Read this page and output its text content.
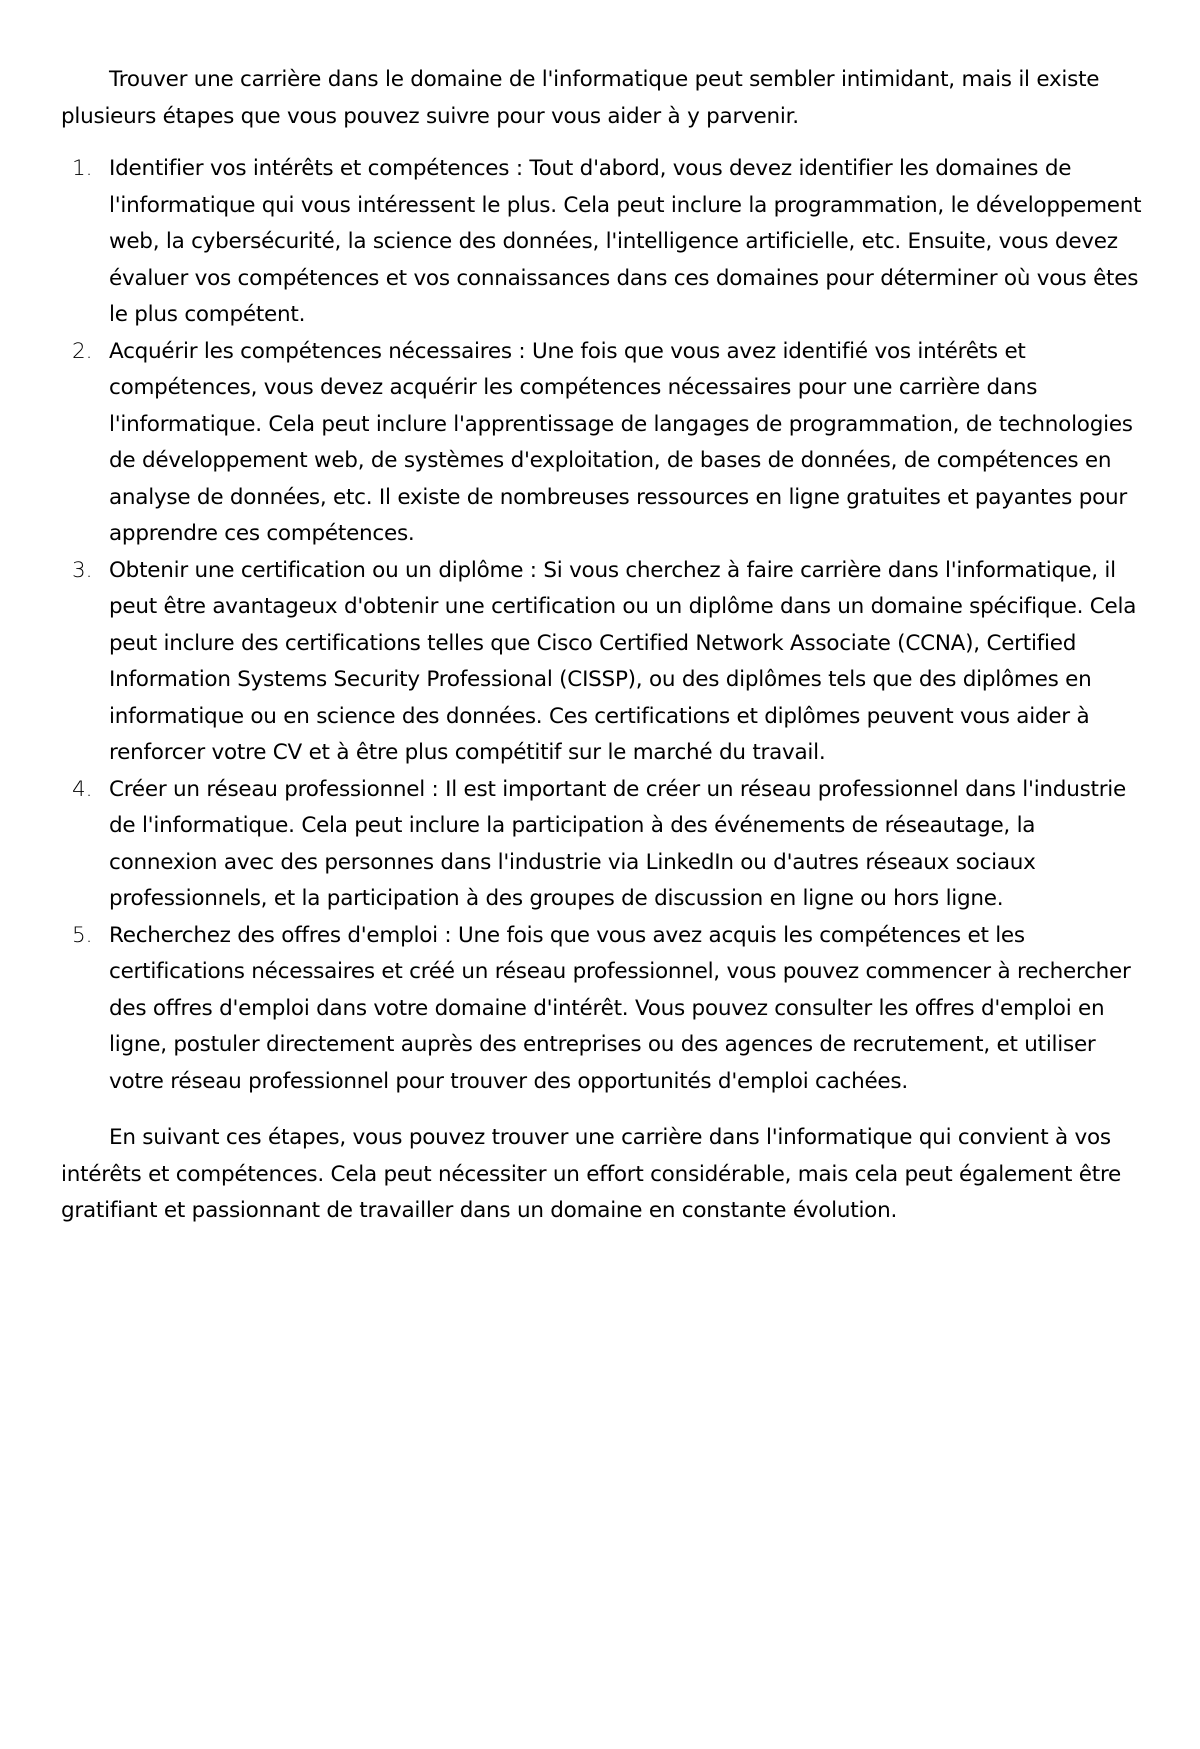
Trouver une carrière dans le domaine de l'informatique peut sembler intimidant, mais il existe plusieurs étapes que vous pouvez suivre pour vous aider à y parvenir.

1. Identifier vos intérêts et compétences : Tout d'abord, vous devez identifier les domaines de l'informatique qui vous intéressent le plus. Cela peut inclure la programmation, le développement web, la cybersécurité, la science des données, l'intelligence artificielle, etc. Ensuite, vous devez évaluer vos compétences et vos connaissances dans ces domaines pour déterminer où vous êtes le plus compétent.
2. Acquérir les compétences nécessaires : Une fois que vous avez identifié vos intérêts et compétences, vous devez acquérir les compétences nécessaires pour une carrière dans l'informatique. Cela peut inclure l'apprentissage de langages de programmation, de technologies de développement web, de systèmes d'exploitation, de bases de données, de compétences en analyse de données, etc. Il existe de nombreuses ressources en ligne gratuites et payantes pour apprendre ces compétences.
3. Obtenir une certification ou un diplôme : Si vous cherchez à faire carrière dans l'informatique, il peut être avantageux d'obtenir une certification ou un diplôme dans un domaine spécifique. Cela peut inclure des certifications telles que Cisco Certified Network Associate (CCNA), Certified Information Systems Security Professional (CISSP), ou des diplômes tels que des diplômes en informatique ou en science des données. Ces certifications et diplômes peuvent vous aider à renforcer votre CV et à être plus compétitif sur le marché du travail.
4. Créer un réseau professionnel : Il est important de créer un réseau professionnel dans l'industrie de l'informatique. Cela peut inclure la participation à des événements de réseautage, la connexion avec des personnes dans l'industrie via LinkedIn ou d'autres réseaux sociaux professionnels, et la participation à des groupes de discussion en ligne ou hors ligne.
5. Recherchez des offres d'emploi : Une fois que vous avez acquis les compétences et les certifications nécessaires et créé un réseau professionnel, vous pouvez commencer à rechercher des offres d'emploi dans votre domaine d'intérêt. Vous pouvez consulter les offres d'emploi en ligne, postuler directement auprès des entreprises ou des agences de recrutement, et utiliser votre réseau professionnel pour trouver des opportunités d'emploi cachées.

En suivant ces étapes, vous pouvez trouver une carrière dans l'informatique qui convient à vos intérêts et compétences. Cela peut nécessiter un effort considérable, mais cela peut également être gratifiant et passionnant de travailler dans un domaine en constante évolution.
